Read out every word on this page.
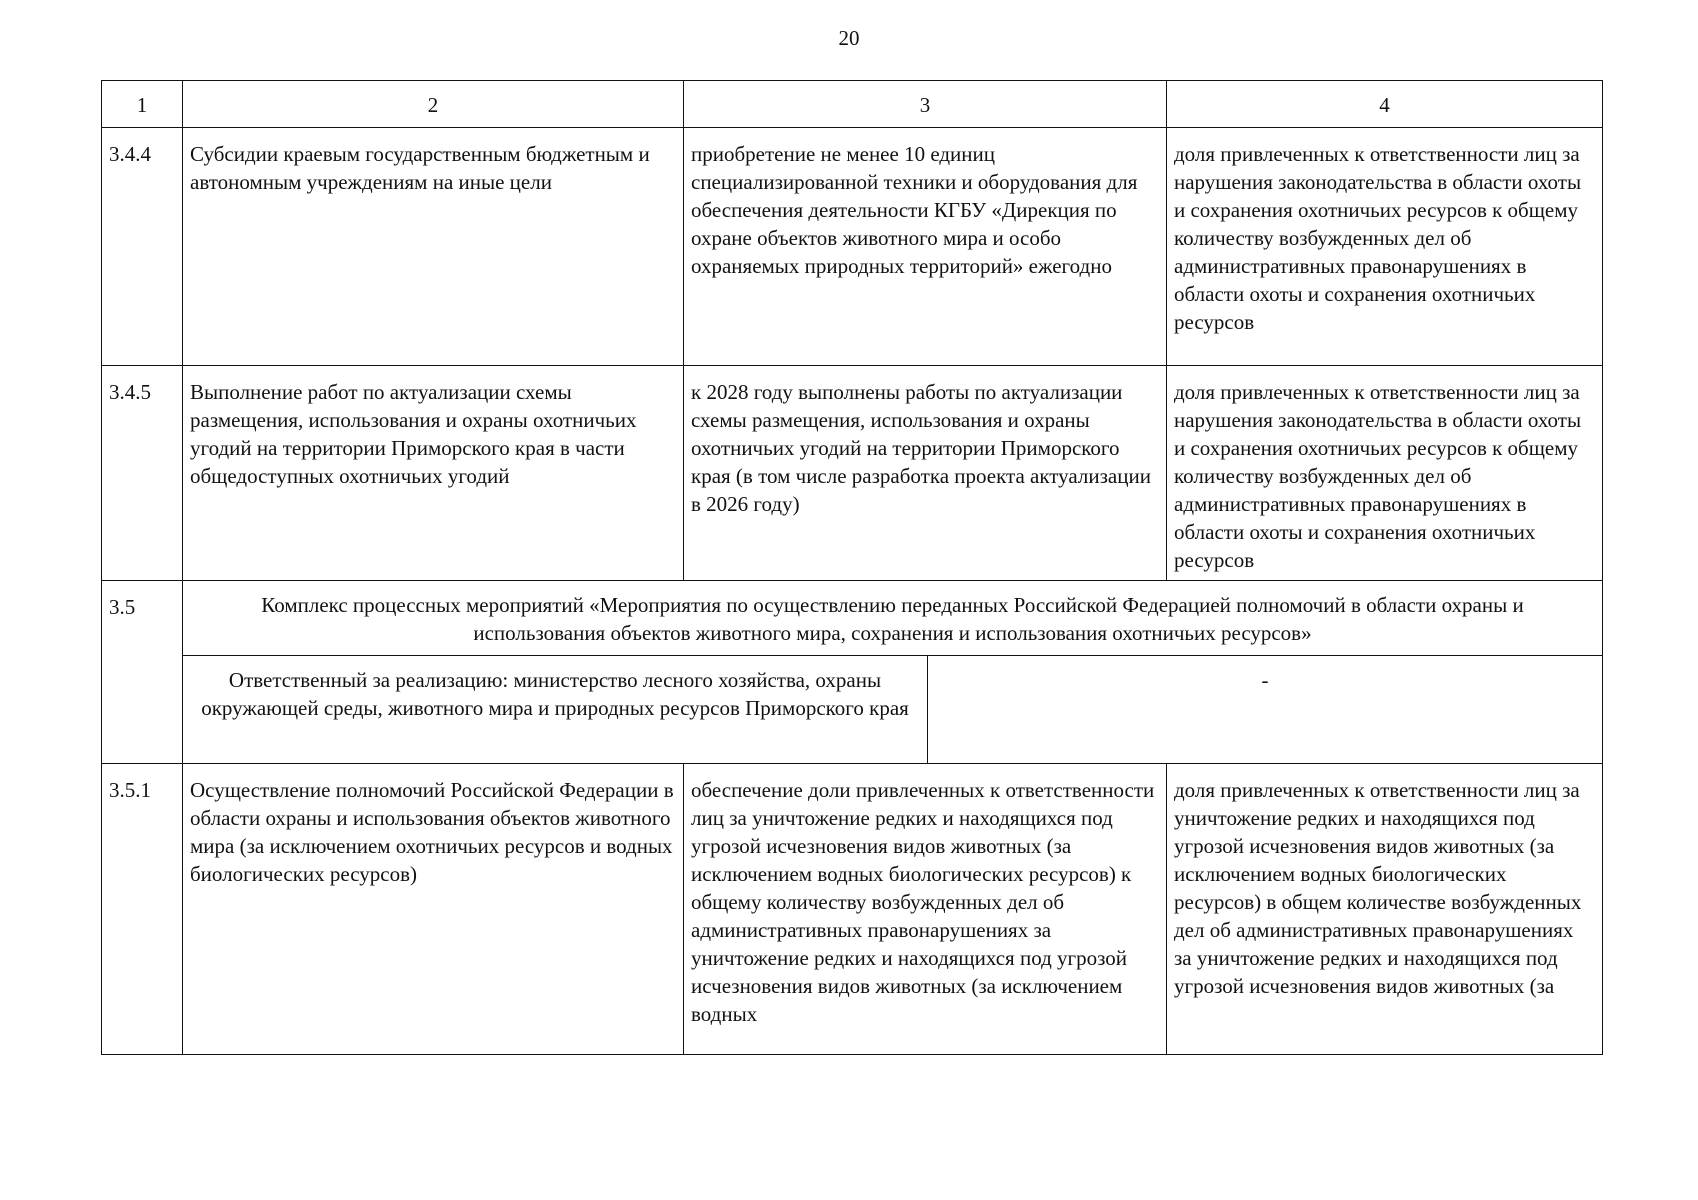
20
1	2	3	4
3.4.4	Субсидии краевым государственным бюджетным и автономным учреждениям на иные цели	приобретение не менее 10 единиц специализированной техники и оборудования для обеспечения деятельности КГБУ «Дирекция по охране объектов животного мира и особо охраняемых природных территорий» ежегодно	доля привлеченных к ответственности лиц за нарушения законодательства в области охоты и сохранения охотничьих ресурсов к общему количеству возбужденных дел об административных правонарушениях в области охоты и сохранения охотничьих ресурсов
3.4.5	Выполнение работ по актуализации схемы размещения, использования и охраны охотничьих угодий на территории Приморского края в части общедоступных охотничьих угодий	к 2028 году выполнены работы по актуализации схемы размещения, использования и охраны охотничьих угодий на территории Приморского края (в том числе разработка проекта актуализации в 2026 году)	доля привлеченных к ответственности лиц за нарушения законодательства в области охоты и сохранения охотничьих ресурсов к общему количеству возбужденных дел об административных правонарушениях в области охоты и сохранения охотничьих ресурсов
3.5	Комплекс процессных мероприятий «Мероприятия по осуществлению переданных Российской Федерацией полномочий в области охраны и использования объектов животного мира, сохранения и использования охотничьих ресурсов»

Ответственный за реализацию: министерство лесного хозяйства, охраны окружающей среды, животного мира и природных ресурсов Приморского края	-

3.5.1	Осуществление полномочий Российской Федерации в области охраны и использования объектов животного мира (за исключением охотничьих ресурсов и водных биологических ресурсов)	обеспечение доли привлеченных к ответственности лиц за уничтожение редких и находящихся под угрозой исчезновения видов животных (за исключением водных биологических ресурсов) к общему количеству возбужденных дел об административных правонарушениях за уничтожение редких и находящихся под угрозой исчезновения видов животных (за исключением водных	доля привлеченных к ответственности лиц за уничтожение редких и находящихся под угрозой исчезновения видов животных (за исключением водных биологических ресурсов) в общем количестве возбужденных дел об административных правонарушениях за уничтожение редких и находящихся под угрозой исчезновения видов животных (за
